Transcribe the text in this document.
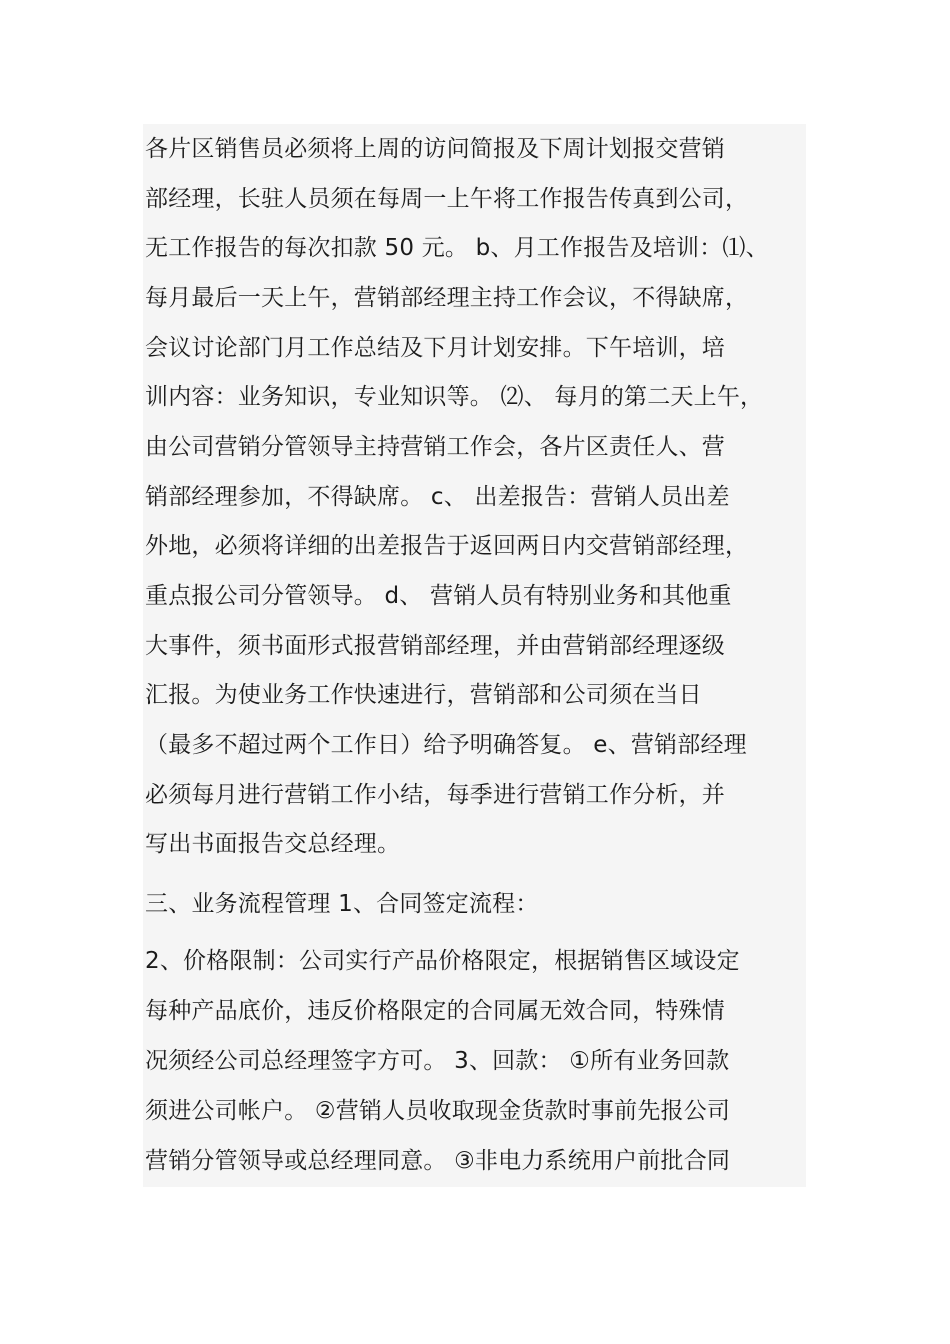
各片区销售员必须将上周的访问简报及下周计划报交营销
部经理，长驻人员须在每周一上午将工作报告传真到公司，
无工作报告的每次扣款 50 元。 b、月工作报告及培训：⑴、
每月最后一天上午，营销部经理主持工作会议，不得缺席，
会议讨论部门月工作总结及下月计划安排。下午培训，培
训内容：业务知识，专业知识等。 ⑵、 每月的第二天上午，
由公司营销分管领导主持营销工作会，各片区责任人、营
销部经理参加，不得缺席。 c、 出差报告：营销人员出差
外地，必须将详细的出差报告于返回两日内交营销部经理，
重点报公司分管领导。 d、 营销人员有特别业务和其他重
大事件，须书面形式报营销部经理，并由营销部经理逐级
汇报。为使业务工作快速进行，营销部和公司须在当日
（最多不超过两个工作日）给予明确答复。 e、营销部经理
必须每月进行营销工作小结，每季进行营销工作分析，并
写出书面报告交总经理。
三、业务流程管理 1、合同签定流程：
2、价格限制：公司实行产品价格限定，根据销售区域设定
每种产品底价，违反价格限定的合同属无效合同，特殊情
况须经公司总经理签字方可。 3、回款： ①所有业务回款
须进公司帐户。 ②营销人员收取现金货款时事前先报公司
营销分管领导或总经理同意。 ③非电力系统用户前批合同
